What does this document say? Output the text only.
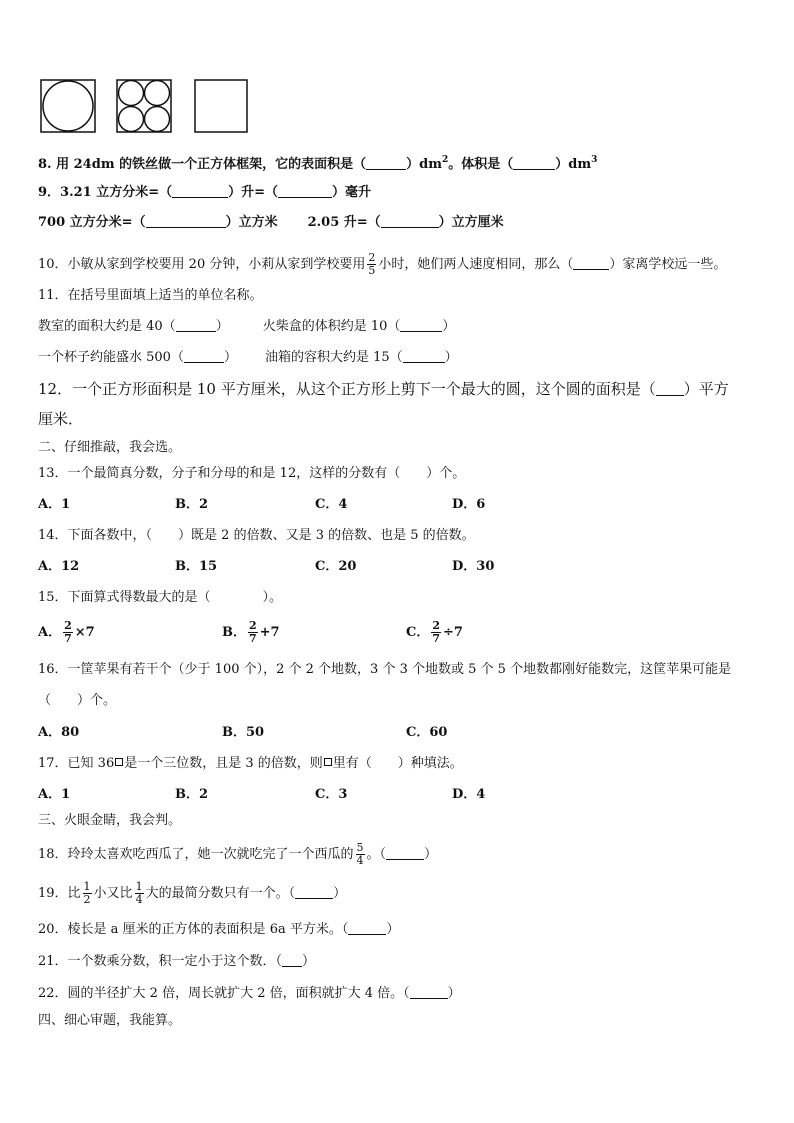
8. 用 24dm 的铁丝做一个正方体框架，它的表面积是（	）$dm^2$。体积是（	）$dm^3$
9．3.21 立方分米=（	）升=（	）毫升
700 立方分米=（	）立方米 2.05 升=（	）立方厘米
10．小敏从家到学校要用 20 分钟，小莉从家到学校要用 $\frac{2}{5}$ 小时，她们两人速度相同，那么（	）家离学校远一些。
11．在括号里面填上适当的单位名称。
教室的面积大约是 40（	）	火柴盒的体积约是 10（	）
一个杯子约能盛水 500（	） 油箱的容积大约是 15（	）
12．一个正方形面积是 10 平方厘米，从这个正方形上剪下一个最大的圆，这个圆的面积是（ ）平方
厘米．
二、仔细推敲，我会选。
13．一个最简真分数，分子和分母的和是 12，这样的分数有（　　）个。
A．1	B．2	C．4	D．6
14．下面各数中，（　　）既是 2 的倍数、又是 3 的倍数、也是 5 的倍数。
A．12	B．15	C．20	D．30
15．下面算式得数最大的是（　　　　）。
A． $\frac{2}{7} \times 7$	B． $\frac{2}{7} +7$	C． $\frac{2}{7} \div 7$
16．一筐苹果有若干个（少于 100 个），2 个 2 个地数，3 个 3 个地数或 5 个 5 个地数都刚好能数完，这筐苹果可能是
（　　）个。
A．80	B．50	C．60
17．已知 36 是一个三位数，且是 3 的倍数，则 里有（　　）种填法。
A．1	B．2	C．3	D．4
三、火眼金睛，我会判。
18．玲玲太喜欢吃西瓜了，她一次就吃完了一个西瓜的 $\frac{5}{4}$ 。（	）
19．比 $\frac{1}{2}$ 小又比 $\frac{1}{4}$ 大的最简分数只有一个。（	）
20．棱长是 a 厘米的正方体的表面积是 6a 平方米。（	）
21．一个数乘分数，积一定小于这个数．（ ）
22．圆的半径扩大 2 倍，周长就扩大 2 倍，面积就扩大 4 倍。（	）
四、细心审题，我能算。
